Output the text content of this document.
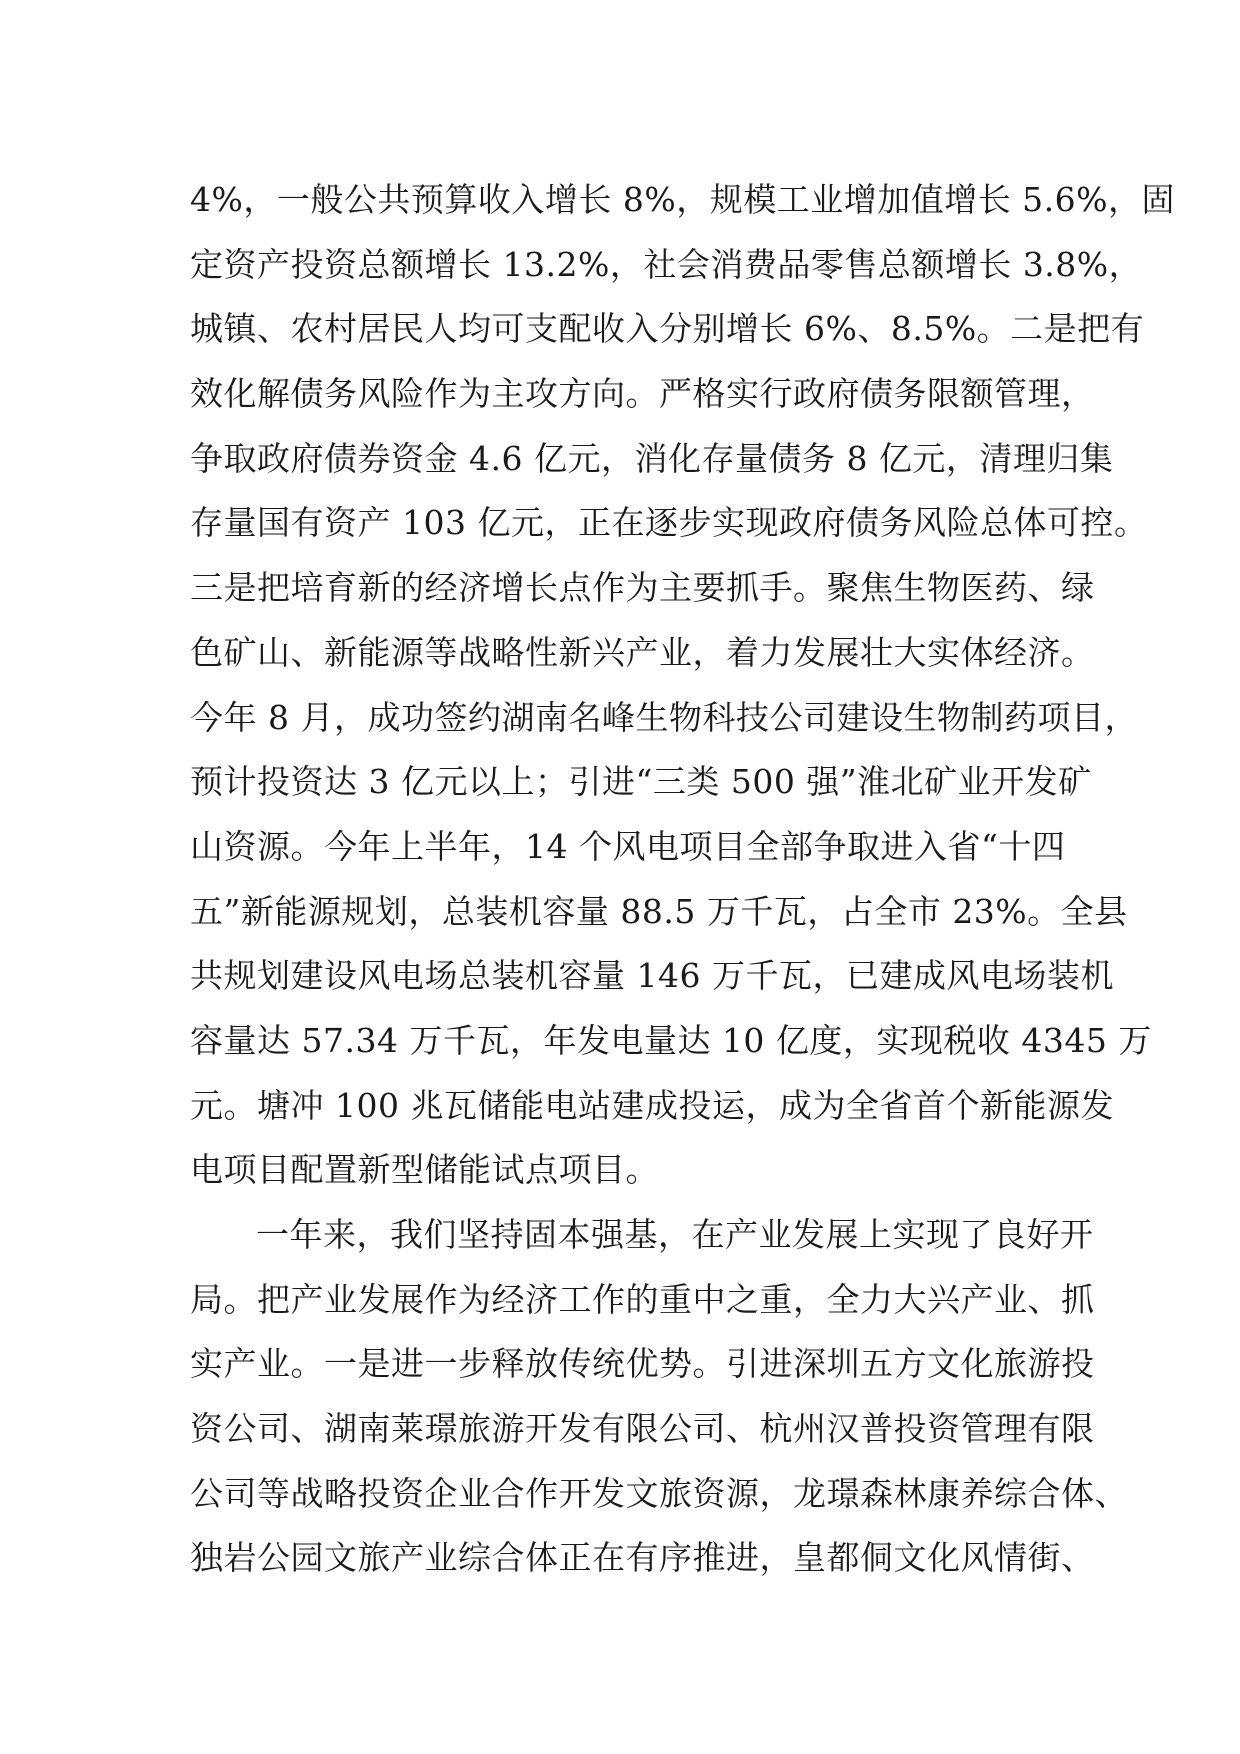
4%，一般公共预算收入增长 8%，规模工业增加值增长 5.6%，固
定资产投资总额增长 13.2%，社会消费品零售总额增长 3.8%，
城镇、农村居民人均可支配收入分别增长 6%、8.5%。二是把有
效化解债务风险作为主攻方向。严格实行政府债务限额管理，
争取政府债券资金 4.6 亿元，消化存量债务 8 亿元，清理归集
存量国有资产 103 亿元，正在逐步实现政府债务风险总体可控。
三是把培育新的经济增长点作为主要抓手。聚焦生物医药、绿
色矿山、新能源等战略性新兴产业，着力发展壮大实体经济。
今年 8 月，成功签约湖南名峰生物科技公司建设生物制药项目，
预计投资达 3 亿元以上；引进“三类 500 强”淮北矿业开发矿
山资源。今年上半年，14 个风电项目全部争取进入省“十四
五”新能源规划，总装机容量 88.5 万千瓦，占全市 23%。全县
共规划建设风电场总装机容量 146 万千瓦，已建成风电场装机
容量达 57.34 万千瓦，年发电量达 10 亿度，实现税收 4345 万
元。塘冲 100 兆瓦储能电站建成投运，成为全省首个新能源发
电项目配置新型储能试点项目。
一年来，我们坚持固本强基，在产业发展上实现了良好开
局。把产业发展作为经济工作的重中之重，全力大兴产业、抓
实产业。一是进一步释放传统优势。引进深圳五方文化旅游投
资公司、湖南莱璟旅游开发有限公司、杭州汉普投资管理有限
公司等战略投资企业合作开发文旅资源，龙璟森林康养综合体、
独岩公园文旅产业综合体正在有序推进，皇都侗文化风情街、
